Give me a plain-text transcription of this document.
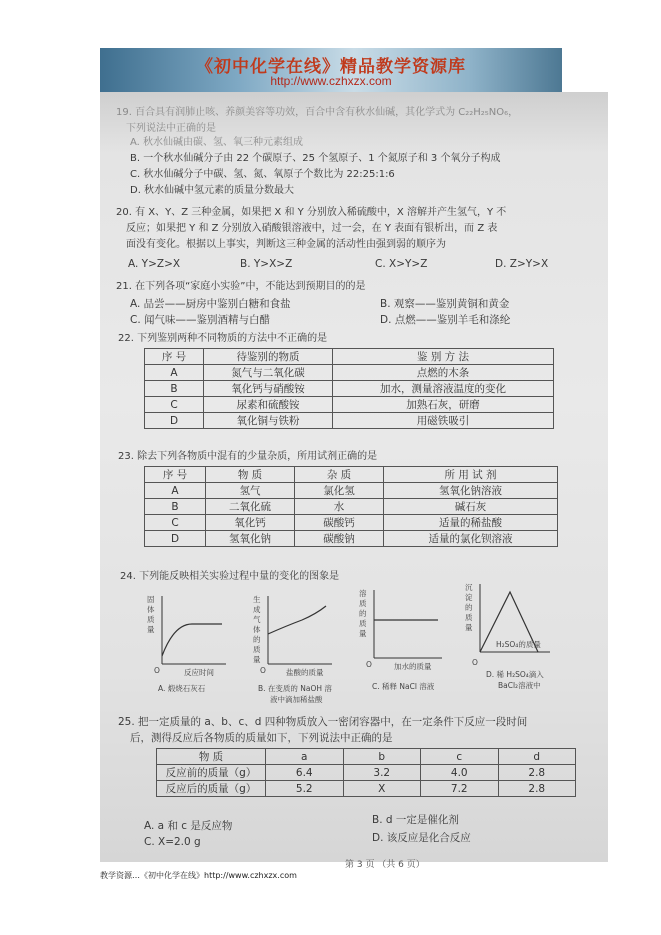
《初中化学在线》精品教学资源库
http://www.czhxzx.com
19. 百合具有润肺止咳、养颜美容等功效，百合中含有秋水仙碱，其化学式为 C₂₂H₂₅NO₆，
下列说法中正确的是
A. 秋水仙碱由碳、氢、氧三种元素组成
B. 一个秋水仙碱分子由 22 个碳原子、25 个氢原子、1 个氮原子和 3 个氧分子构成
C. 秋水仙碱分子中碳、氢、氮、氧原子个数比为 22:25:1:6
D. 秋水仙碱中氢元素的质量分数最大
20. 有 X、Y、Z 三种金属，如果把 X 和 Y 分别放入稀硫酸中，X 溶解并产生氢气，Y 不
反应；如果把 Y 和 Z 分别放入硝酸银溶液中，过一会，在 Y 表面有银析出，而 Z 表
面没有变化。根据以上事实，判断这三种金属的活动性由强到弱的顺序为
A. Y>Z>X	B. Y>X>Z	C. X>Y>Z	D. Z>Y>X
21. 在下列各项“家庭小实验”中，不能达到预期目的的是
A. 品尝——厨房中鉴别白糖和食盐	B. 观察——鉴别黄铜和黄金
C. 闻气味——鉴别酒精与白醋	D. 点燃——鉴别羊毛和涤纶
22. 下列鉴别两种不同物质的方法中不正确的是
序 号	待鉴别的物质	鉴 别 方 法
A	氮气与二氧化碳	点燃的木条
B	氧化钙与硝酸铵	加水，测量溶液温度的变化
C	尿素和硫酸铵	加熟石灰，研磨
D	氧化铜与铁粉	用磁铁吸引
23. 除去下列各物质中混有的少量杂质，所用试剂正确的是
序 号	物 质	杂 质	所 用 试 剂
A	氢气	氯化氢	氢氧化钠溶液
B	二氧化硫	水	碱石灰
C	氧化钙	碳酸钙	适量的稀盐酸
D	氢氧化钠	碳酸钠	适量的氯化钡溶液
24. 下列能反映相关实验过程中量的变化的图象是
固体质量
O	反应时间
A. 煅烧石灰石
生成气体的质量
O	盐酸的质量
B. 在变质的 NaOH 溶
液中滴加稀盐酸
溶质的质量
O	加水的质量
C. 稀释 NaCl 溶液
沉淀的质量
O
H₂SO₄的质量
D. 稀 H₂SO₄滴入
BaCl₂溶液中
25. 把一定质量的 a、b、c、d 四种物质放入一密闭容器中，在一定条件下反应一段时间
后，测得反应后各物质的质量如下，下列说法中正确的是
物 质	a	b	c	d
反应前的质量（g）	6.4	3.2	4.0	2.8
反应后的质量（g）	5.2	X	7.2	2.8
A. a 和 c 是反应物	B. d 一定是催化剂
C. X=2.0 g	D. 该反应是化合反应
第 3 页 （共 6 页）
教学资源…《初中化学在线》http://www.czhxzx.com
